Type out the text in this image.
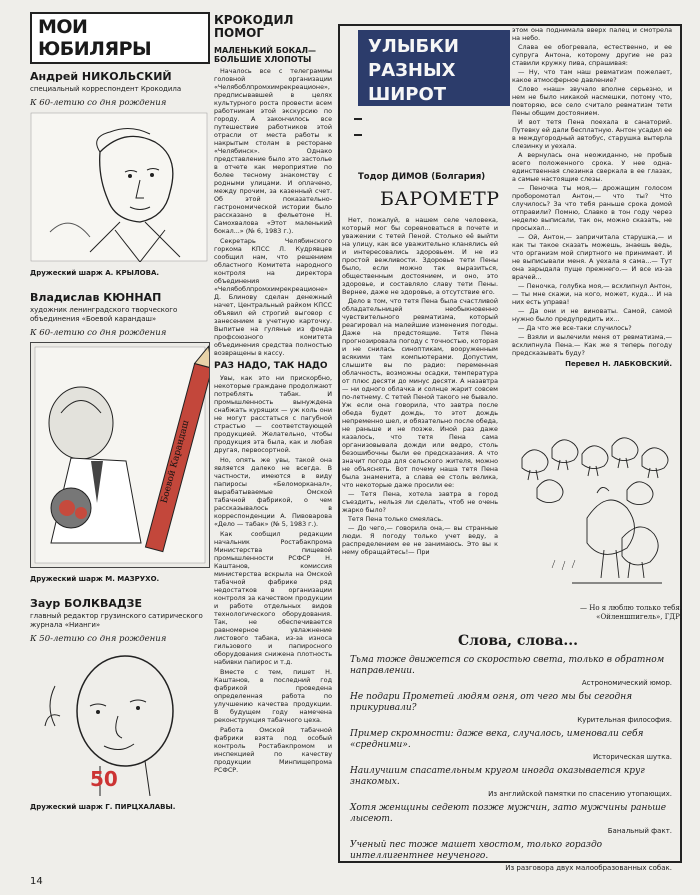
МОИ ЮБИЛЯРЫ
Андрей НИКОЛЬСКИЙ
специальный корреспондент Крокодила
К 60-летию со дня рождения
Дружеский шарж А. КРЫЛОВА.
Владислав КЮННАП
художник ленинградского творческого объединения «Боевой карандаш»
К 60-летию со дня рождения
Боевой Карандаш
Дружеский шарж М. МАЗРУХО.
Заур БОЛКВАДЗЕ
главный редактор грузинского сатирического журнала «Нианги»
К 50-летию со дня рождения
50
Дружеский шарж Г. ПИРЦХАЛАВЫ.
КРОКОДИЛ ПОМОГ
МАЛЕНЬКИЙ БОКАЛ— БОЛЬШИЕ ХЛОПОТЫ

Началось все с телеграммы головной организации «Челябоблпромхимрекреационе», предписывавшей в целях культурного роста провести всем работникам этой экскурсию по городу. А закончилось все путешествие работников этой отрасли от места работы к накрытым столам в ресторане «Челябинск». Однако представление было это застолье в отчете как мероприятие по более тесному знакомству с родными улицами. И оплачено, между прочим, за казенный счет. Об этой показательно-гастрономической истории было рассказано в фельетоне Н. Самохвалова «Этот маленький бокал...» (№ 6, 1983 г.).

Секретарь Челябинского горкома КПСС Л. Кудрявцев сообщил нам, что решением областного Комитета народного контроля на директора объединения «Челябоблпромхимрекреационе» Д. Блинову сделан денежный начет, Центральный райком КПСС объявил ей строгий выговор с занесением в учетную карточку. Выпитые на гулянье из фонда профсоюзного комитета объединения средства полностью возвращены в кассу.

РАЗ НАДО, ТАК НАДО

Увы, как это ни прискорбно, некоторые граждане продолжают потреблять табак. И промышленность вынуждена снабжать курящих — уж коль они не могут расстаться с пагубной страстью — соответствующей продукцией. Желательно, чтобы продукция эта была, как и любая другая, первосортной.

Но, опять же увы, такой она является далеко не всегда. В частности, имеются в виду папиросы «Беломорканал», вырабатываемые Омской табачной фабрикой, о чем рассказывалось в корреспонденции А. Пивоварова «Дело — табак» (№ 5, 1983 г.).

Как сообщил редакции начальник Ростабакпрома Министерства пищевой промышленности РСФСР Н. Каштанов, комиссия министерства вскрыла на Омской табачной фабрике ряд недостатков в организации контроля за качеством продукции и работе отдельных видов технологического оборудования. Так, не обеспечивается равномерное увлажнение листового табака, из-за износа гильзового и папиросного оборудования снижена плотность набивки папирос и т.д.

Вместе с тем, пишет Н. Каштанов, в последний год фабрикой проведена определенная работа по улучшению качества продукции. В будущем году намечена реконструкция табачного цеха.

Работа Омской табачной фабрики взята под особый контроль Ростабакпромом и инспекцией по качеству продукции Минпищепрома РСФСР.

УЛЫБКИ
РАЗНЫХ
ШИРОТ
Тодор ДИМОВ (Болгария)
БАРОМЕТР

Нет, пожалуй, в нашем селе человека, который мог бы соревноваться в почете и уважении с тетей Пеной. Столько её выйти на улицу, как все уважительно кланялись ей и интересовались здоровьем. И не из простой вежливости. Здоровье тети Пены было, если можно так выразиться, общественным достоянием, и оно, это здоровье, и составляло славу тети Пены. Вернее, даже не здоровье, а отсутствие его.

Дело в том, что тетя Пена была счастливой обладательницей необыкновенно чувствительного ревматизма, который реагировал на малейшие изменения погоды. Даже на предстоящие. Тетя Пена прогнозировала погоду с точностью, которая и не снилась синоптикам, вооруженным всякими там компьютерами. Допустим, слышите вы по радио: переменная облачность, возможны осадки, температура от плюс десяти до минус десяти. А назавтра — ни одного облачка и солнце жарит совсем по-летнему. С тетей Пеной такого не бывало. Уж если она говорила, что завтра после обеда будет дождь, то этот дождь непременно шел, и обязательно после обеда, не раньше и не позже. Иной раз даже казалось, что тетя Пена сама организовывала дожди или ведро, столь безошибочны были ее предсказания. А что значит погода для сельского жителя, можно не объяснять. Вот почему наша тетя Пена была знаменита, а слава ее столь велика, что некоторые даже просили ее:

— Тетя Пена, хотела завтра в город съездить, нельзя ли сделать, чтоб не очень жарко было?

Тетя Пена только смеялась.

— До чего,— говорила она,— вы странные люди. Я погоду только учет веду, а распределением ее не занимаюсь. Это вы к нему обращайтесь!— При

этом она поднимала вверх палец и смотрела на небо.

Слава ее обогревала, естественно, и ее супруга Антона, которому другие не раз ставили кружку пива, спрашивая:

— Ну, что там наш ревматизм пожелает, какое атмосферное давление?

Слово «наш» звучало вполне серьезно, и нем не было никакой насмешки, потому что, повторяю, все село считало ревматизм тети Пены общим достоянием.

И вот тетя Пена поехала в санаторий. Путевку ей дали бесплатную. Антон усадил ее в междугородный автобус, старушка вытерла слезинку и уехала.

А вернулась она неожиданно, не пробыв всего положенного срока. У нее одна-единственная слезинка сверкала в ее глазах, а самые настоящие слезы.

— Пеночка ты моя,— дрожащим голосом проборомотал Антон,— что ты? Что случилось? За что тебя раньше срока домой отправили? Помню, Славко в тон году через неделю выписали, так он, можно сказать, не просыхал...

— Ой, Антон,— запричитала старушка,— и как ты такое сказать можешь, знаешь ведь, что организм мой спиртного не принимает. И не выписывали меня. А уехала я сама...— Тут она зарыдала пуще прежнего.— И все из-за врачей...

— Пеночка, голубка моя,— всхлипнул Антон,— ты мне скажи, на кого, может, кудa... И на них есть управа!

— Да они и не виноваты. Самой, самой нужно было предупредить их...

— Да что же все-таки случилось?

— Взяли и вылечили меня от ревматизма,— всхлипнула Пена.— Как же я теперь погоду предсказывать буду?

Перевел Н. ЛАБКОВСКИЙ.
— Но я люблю только тебя. «Ойленшпигель», ГДР.
Слова, слова...
Тьма тоже движется со скоростью света, только в обратном направлении.
Астрономический юмор.
Не подари Прометей людям огня, от чего мы бы сегодня прикуривали?
Курительная философия.
Пример скромности: даже века, случалось, именовали себя «средними».
Историческая шутка.
Наилучшим спасательным кругом иногда оказывается круг знакомых.
Из английской памятки по спасению утопающих.
Хотя женщины седеют позже мужчин, зато мужчины раньше лысеют.
Банальный факт.
Ученый пес тоже машет хвостом, только гораздо интеллигентнее неученого.
Из разговора двух малообразованных собак.
14
